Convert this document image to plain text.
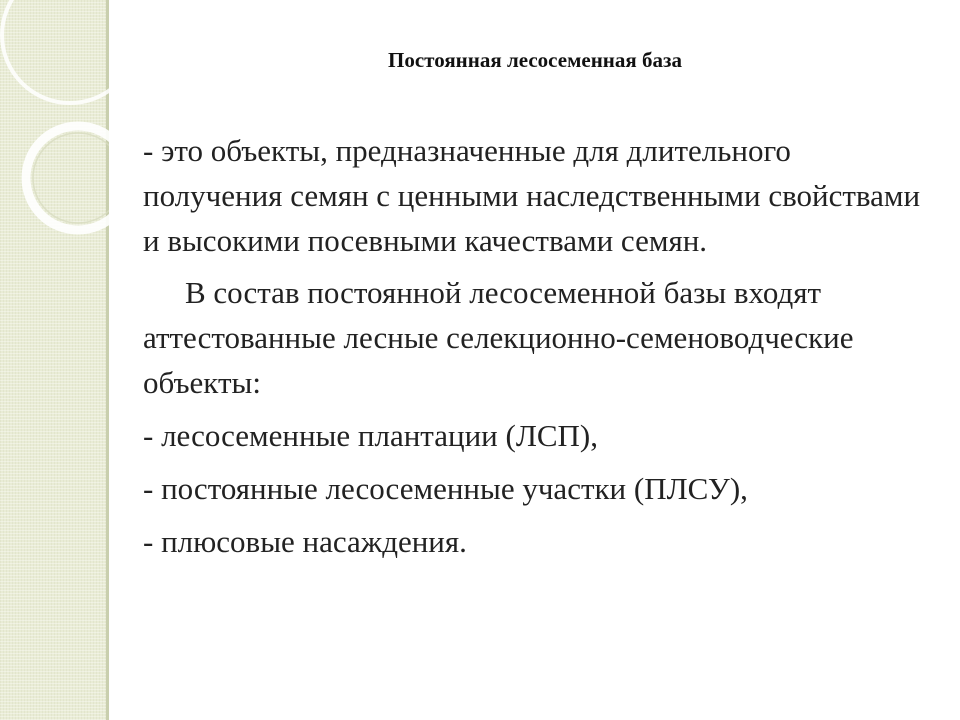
Постоянная лесосеменная база

- это объекты, предназначенные для длительного получения семян с ценными наследственными свойствами и высокими посевными качествами семян.

В состав постоянной лесосеменной базы входят аттестованные лесные селекционно-семеноводческие объекты:

- лесосеменные плантации (ЛСП),

- постоянные лесосеменные участки (ПЛСУ),

- плюсовые насаждения.
